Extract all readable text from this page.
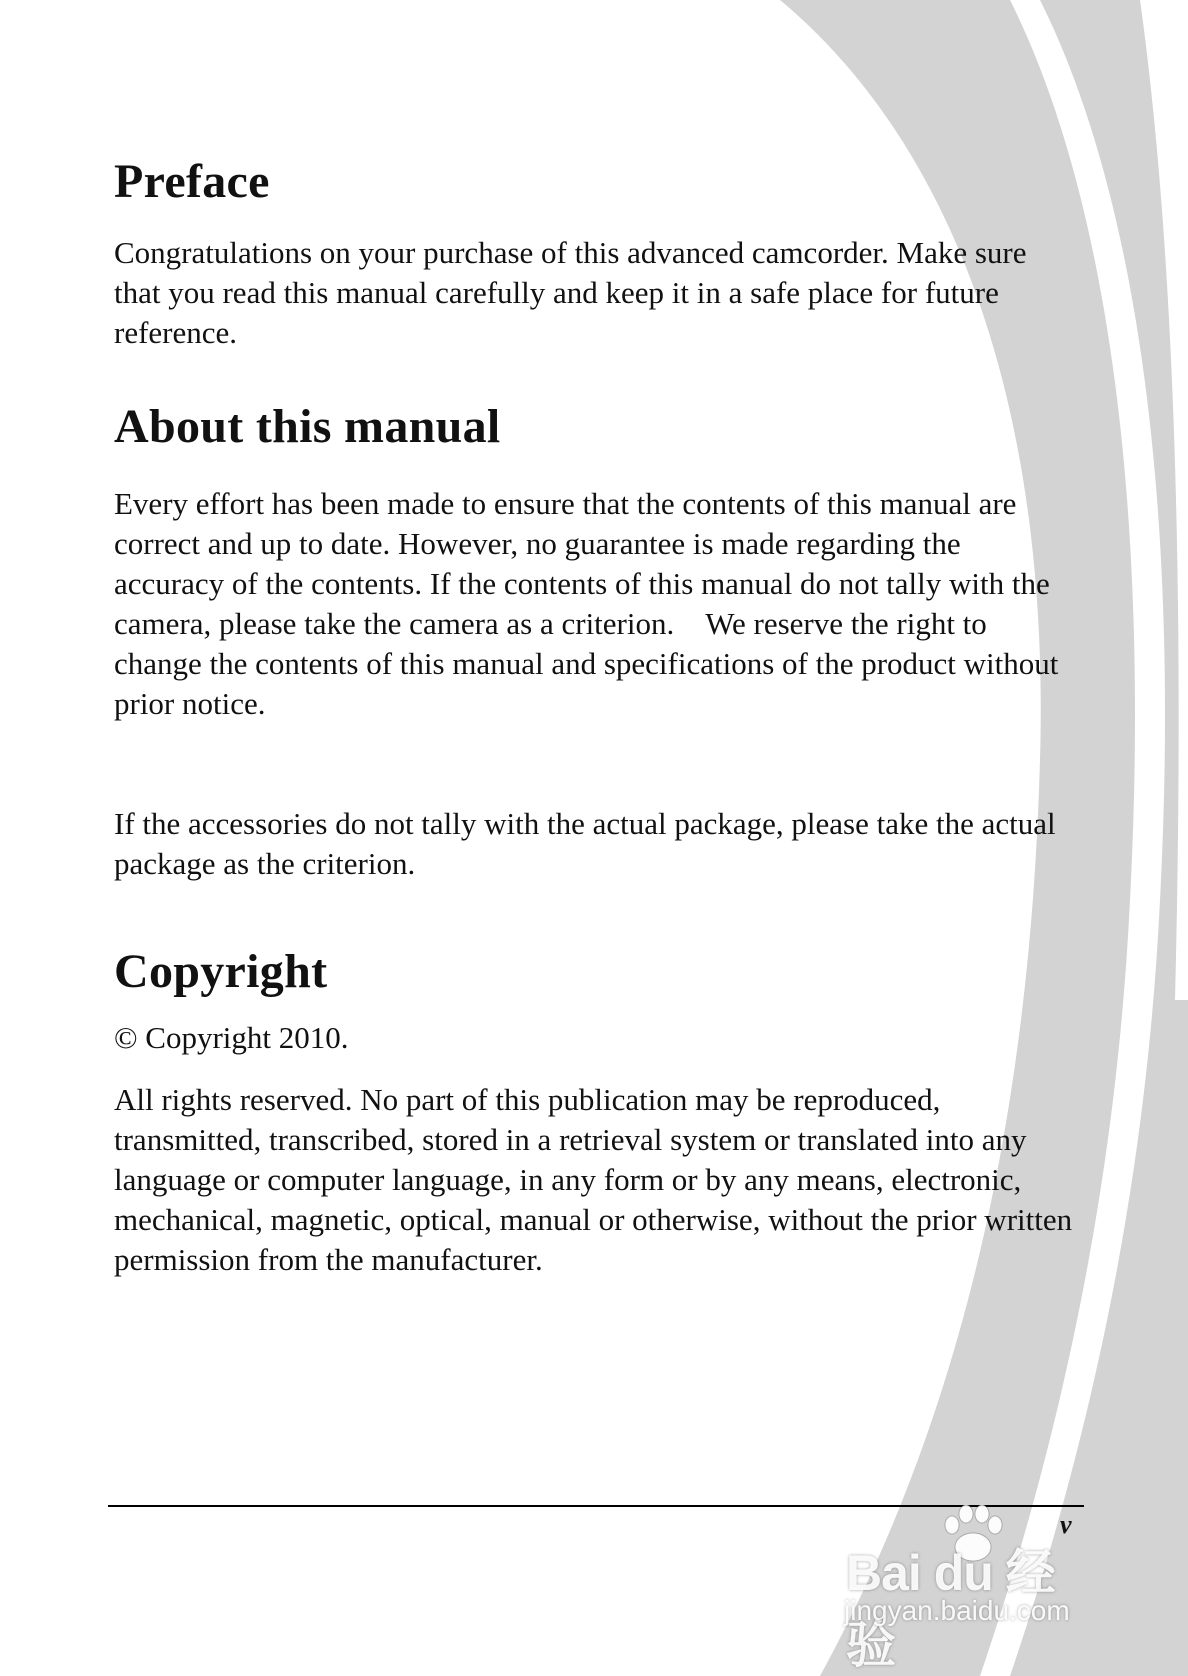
Preface

Congratulations on your purchase of this advanced camcorder. Make sure that you read this manual carefully and keep it in a safe place for future reference.

About this manual

Every effort has been made to ensure that the contents of this manual are correct and up to date. However, no guarantee is made regarding the accuracy of the contents. If the contents of this manual do not tally with the camera, please take the camera as a criterion.    We reserve the right to change the contents of this manual and specifications of the product without prior notice.

If the accessories do not tally with the actual package, please take the actual package as the criterion.

Copyright

© Copyright 2010.

All rights reserved. No part of this publication may be reproduced, transmitted, transcribed, stored in a retrieval system or translated into any language or computer language, in any form or by any means, electronic, mechanical, magnetic, optical, manual or otherwise, without the prior written permission from the manufacturer.

v
Bai du 经验
jingyan.baidu.com
